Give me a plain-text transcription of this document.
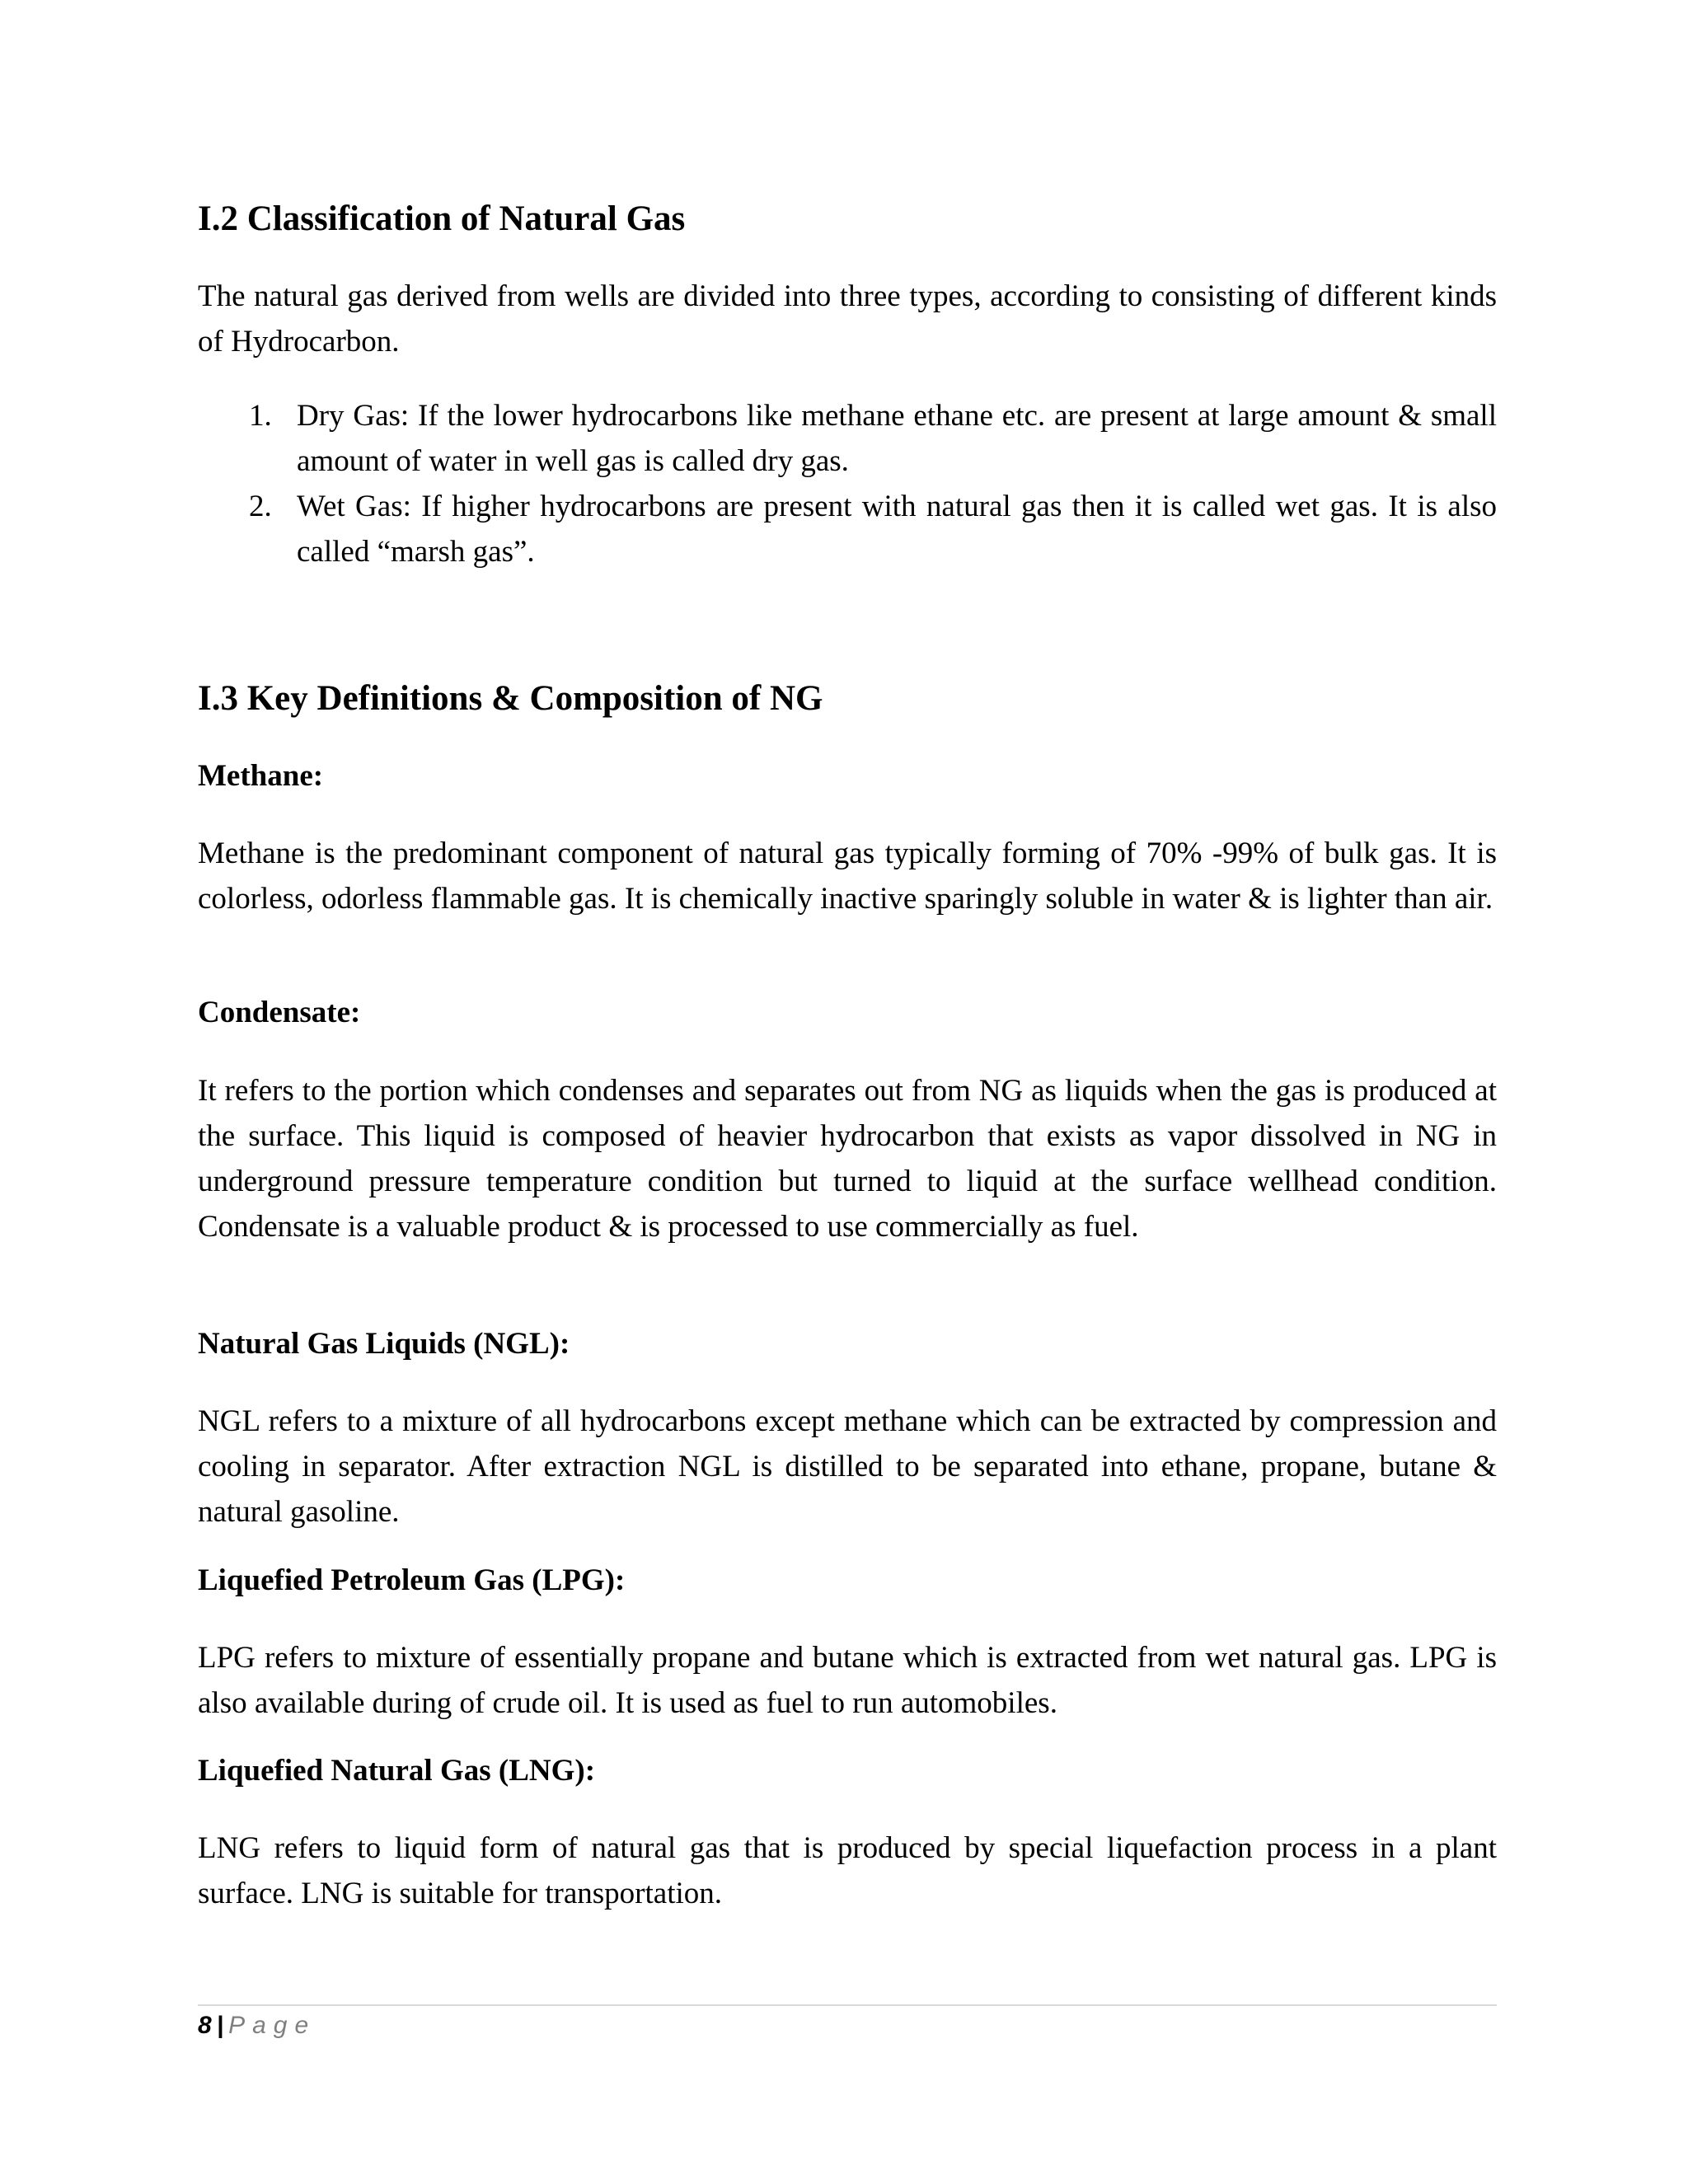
I.2 Classification of Natural Gas

The natural gas derived from wells are divided into three types, according to consisting of different kinds of Hydrocarbon.

1. Dry Gas: If the lower hydrocarbons like methane ethane etc. are present at large amount & small amount of water in well gas is called dry gas.
2. Wet Gas: If higher hydrocarbons are present with natural gas then it is called wet gas. It is also called “marsh gas”.
I.3 Key Definitions & Composition of NG
Methane:

Methane is the predominant component of natural gas typically forming of 70% -99% of bulk gas. It is colorless, odorless flammable gas. It is chemically inactive sparingly soluble in water & is lighter than air.

Condensate:

It refers to the portion which condenses and separates out from NG as liquids when the gas is produced at the surface. This liquid is composed of heavier hydrocarbon that exists as vapor dissolved in NG in underground pressure temperature condition but turned to liquid at the surface wellhead condition. Condensate is a valuable product & is processed to use commercially as fuel.

Natural Gas Liquids (NGL):

NGL refers to a mixture of all hydrocarbons except methane which can be extracted by compression and cooling in separator. After extraction NGL is distilled to be separated into ethane, propane, butane & natural gasoline.

Liquefied Petroleum Gas (LPG):

LPG refers to mixture of essentially propane and butane which is extracted from wet natural gas. LPG is also available during of crude oil. It is used as fuel to run automobiles.

Liquefied Natural Gas (LNG):

LNG refers to liquid form of natural gas that is produced by special liquefaction process in a plant surface. LNG is suitable for transportation.

8 | Page
